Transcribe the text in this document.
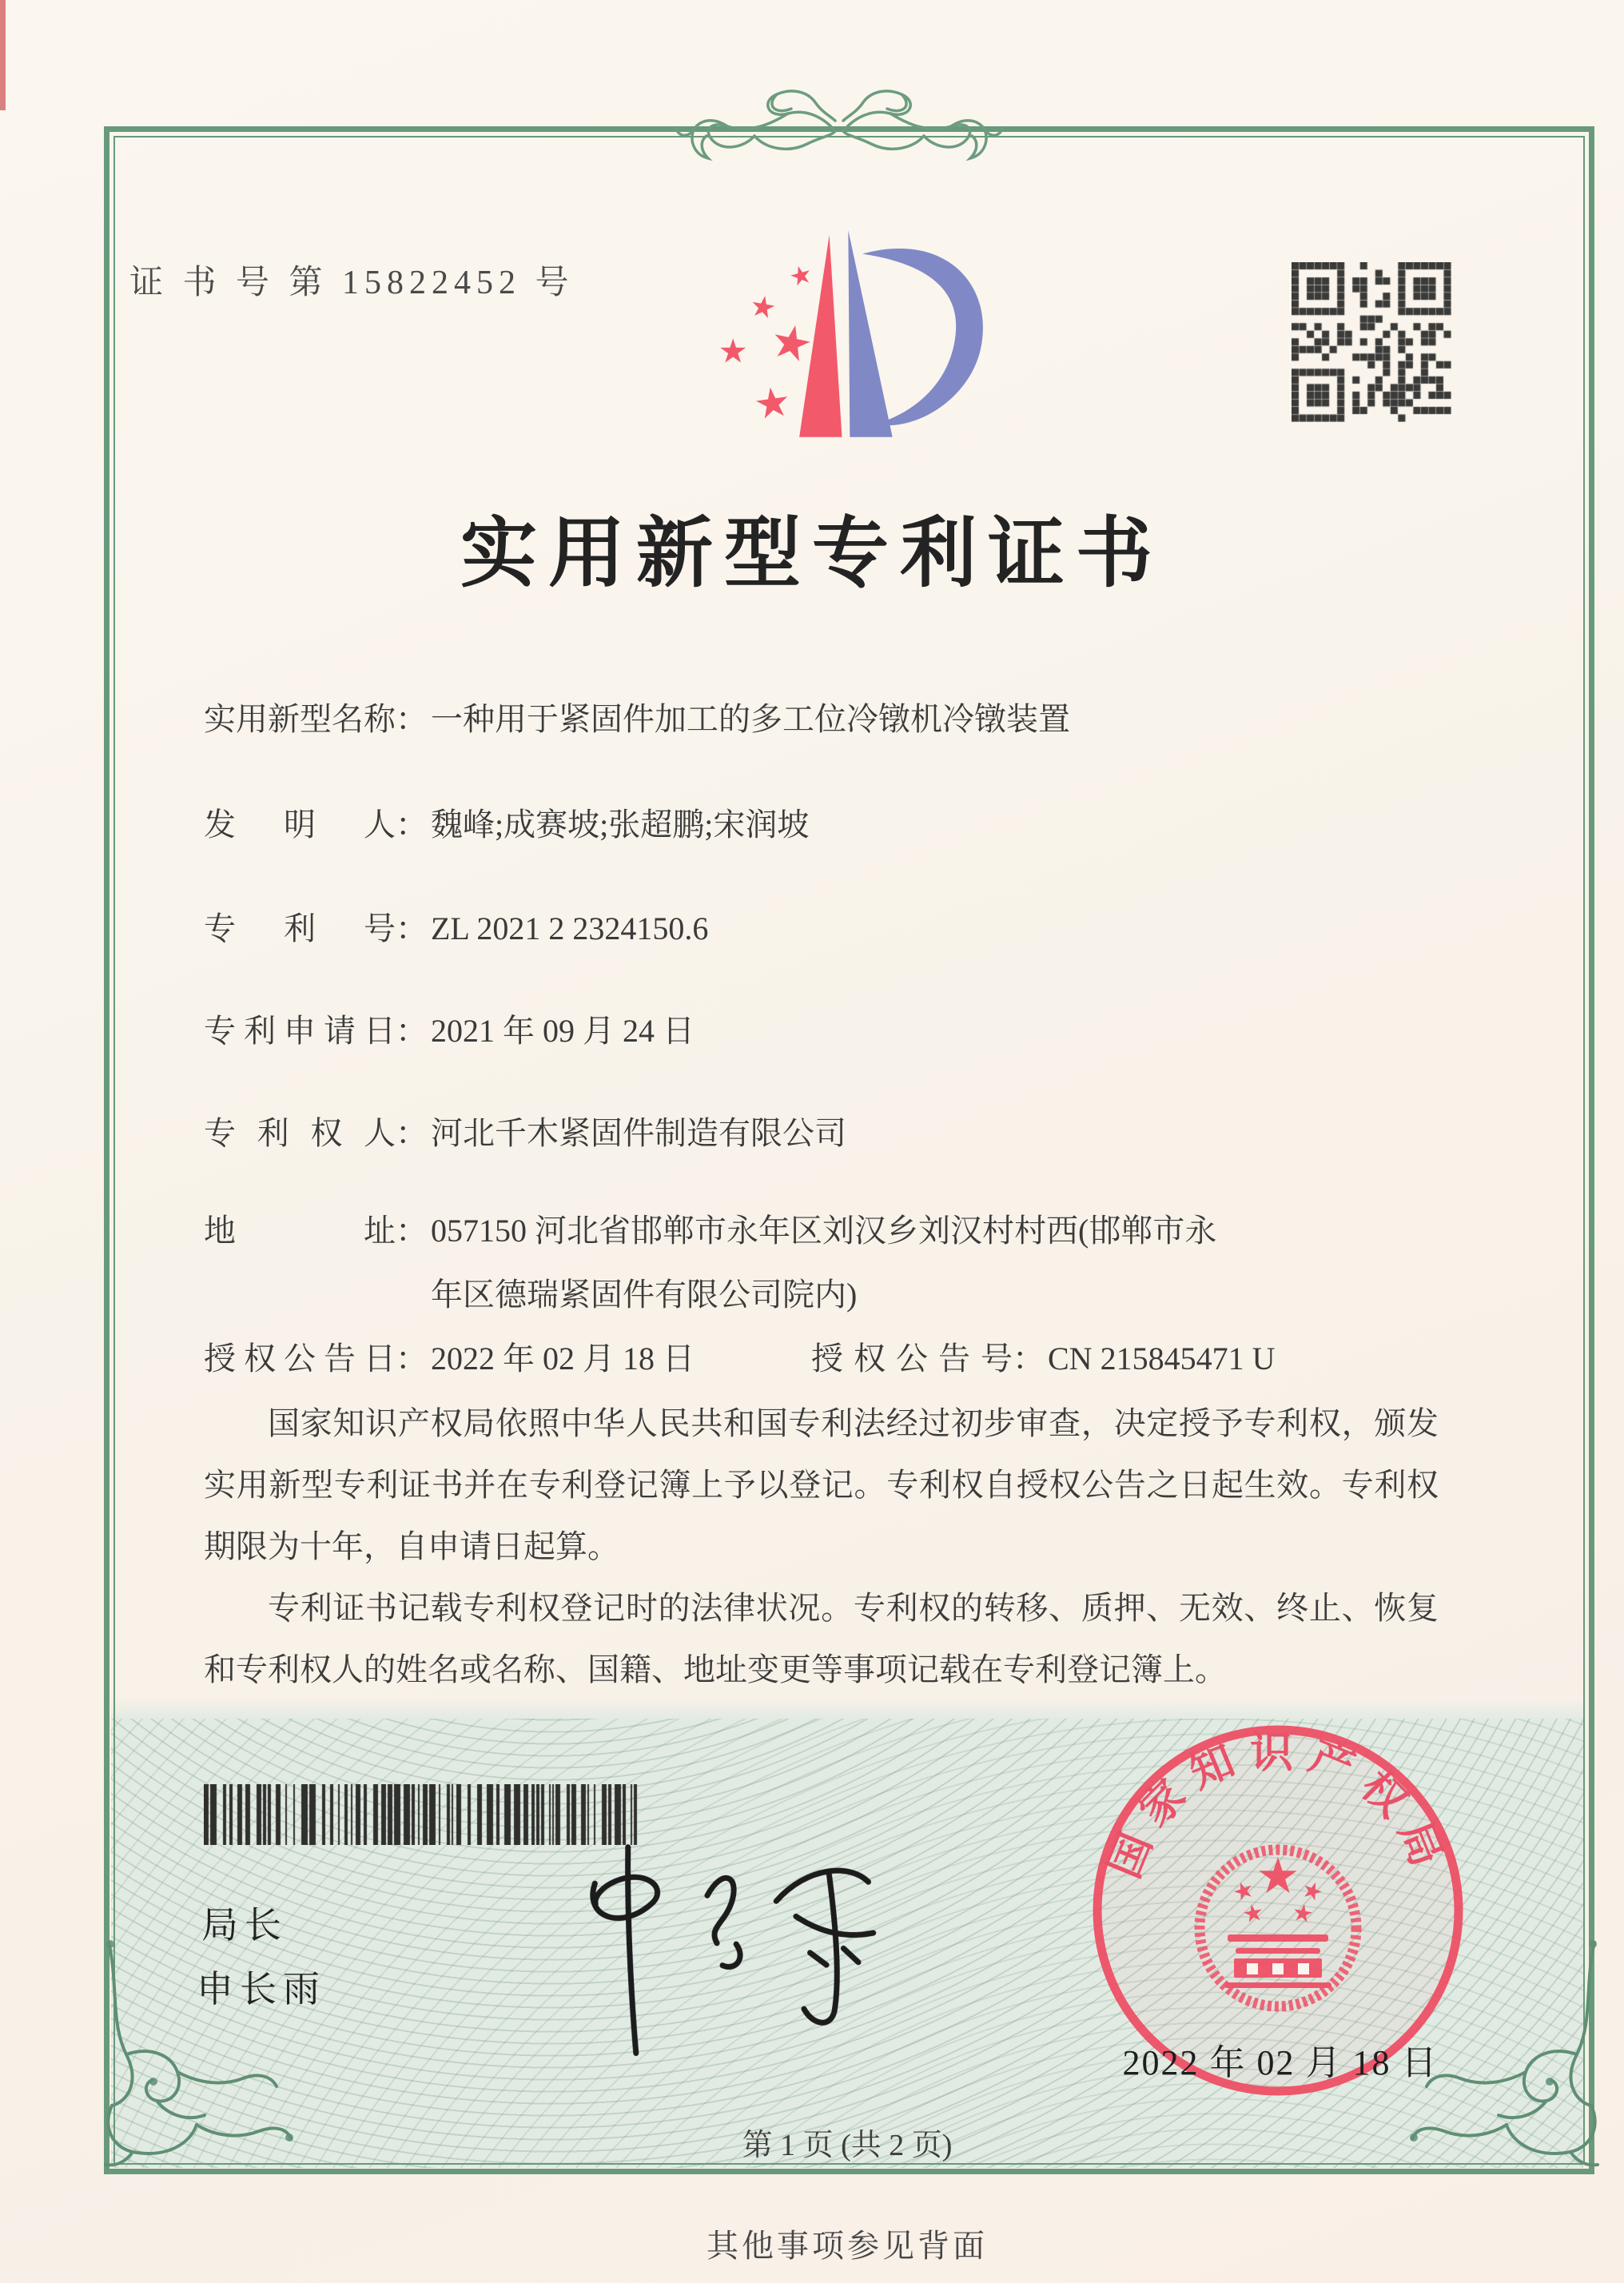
证 书 号 第 15822452 号
实用新型专利证书
实 用 新 型 名 称 ： 一种用于紧固件加工的多工位冷镦机冷镦装置
发 明 人 ： 魏峰;成赛坡;张超鹏;宋润坡
专 利 号 ： ZL 2021 2 2324150.6
专 利 申 请 日 ： 2021 年 09 月 24 日
专 利 权 人 ： 河北千木紧固件制造有限公司
地	址 ： 057150 河北省邯郸市永年区刘汉乡刘汉村村西(邯郸市永
年区德瑞紧固件有限公司院内)
授 权 公 告 日 ： 2022 年 02 月 18 日	授 权 公 告 号 ： CN 215845471 U

国家知识产权局依照中华人民共和国专利法经过初步审查，决定授予专利权，颁发实用新型专利证书并在专利登记簿上予以登记。专利权自授权公告之日起生效。专利权期限为十年，自申请日起算。

专利证书记载专利权登记时的法律状况。专利权的转移、质押、无效、终止、恢复和专利权人的姓名或名称、国籍、地址变更等事项记载在专利登记簿上。

局长
申长雨
国家知识产权局
2022 年 02 月 18 日
第 1 页 (共 2 页)
其他事项参见背面
